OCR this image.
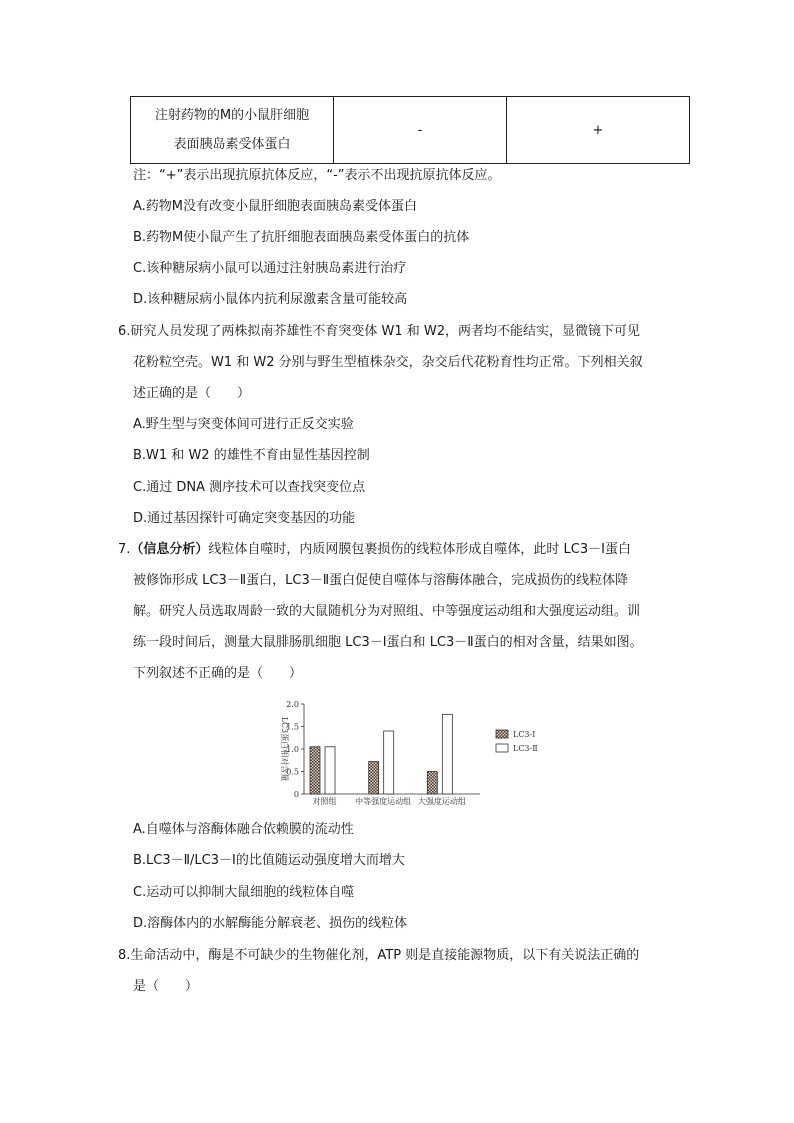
注射药物的M的小鼠肝细胞
表面胰岛素受体蛋白	-	+
注：“+”表示出现抗原抗体反应，“-”表示不出现抗原抗体反应。
A.药物M没有改变小鼠肝细胞表面胰岛素受体蛋白
B.药物M使小鼠产生了抗肝细胞表面胰岛素受体蛋白的抗体
C.该种糖尿病小鼠可以通过注射胰岛素进行治疗
D.该种糖尿病小鼠体内抗利尿激素含量可能较高
6.研究人员发现了两株拟南芥雄性不育突变体 W1 和 W2，两者均不能结实，显微镜下可见
花粉粒空壳。W1 和 W2 分别与野生型植株杂交，杂交后代花粉育性均正常。下列相关叙
述正确的是（　　）
A.野生型与突变体间可进行正反交实验
B.W1 和 W2 的雄性不育由显性基因控制
C.通过 DNA 测序技术可以查找突变位点
D.通过基因探针可确定突变基因的功能
7.（信息分析）线粒体自噬时，内质网膜包裹损伤的线粒体形成自噬体，此时 LC3－Ⅰ蛋白
被修饰形成 LC3－Ⅱ蛋白，LC3－Ⅱ蛋白促使自噬体与溶酶体融合，完成损伤的线粒体降
解。研究人员选取周龄一致的大鼠随机分为对照组、中等强度运动组和大强度运动组。训
练一段时间后，测量大鼠腓肠肌细胞 LC3－Ⅰ蛋白和 LC3－Ⅱ蛋白的相对含量，结果如图。
下列叙述不正确的是（　　）
0
0.5
1.0
1.5
2.0
LC3蛋白相对含量
对照组 中等强度运动组 大强度运动组
LC3-Ⅰ
LC3-Ⅱ
A.自噬体与溶酶体融合依赖膜的流动性
B.LC3－Ⅱ/LC3－Ⅰ的比值随运动强度增大而增大
C.运动可以抑制大鼠细胞的线粒体自噬
D.溶酶体内的水解酶能分解衰老、损伤的线粒体
8.生命活动中，酶是不可缺少的生物催化剂，ATP 则是直接能源物质，以下有关说法正确的
是（　　）
